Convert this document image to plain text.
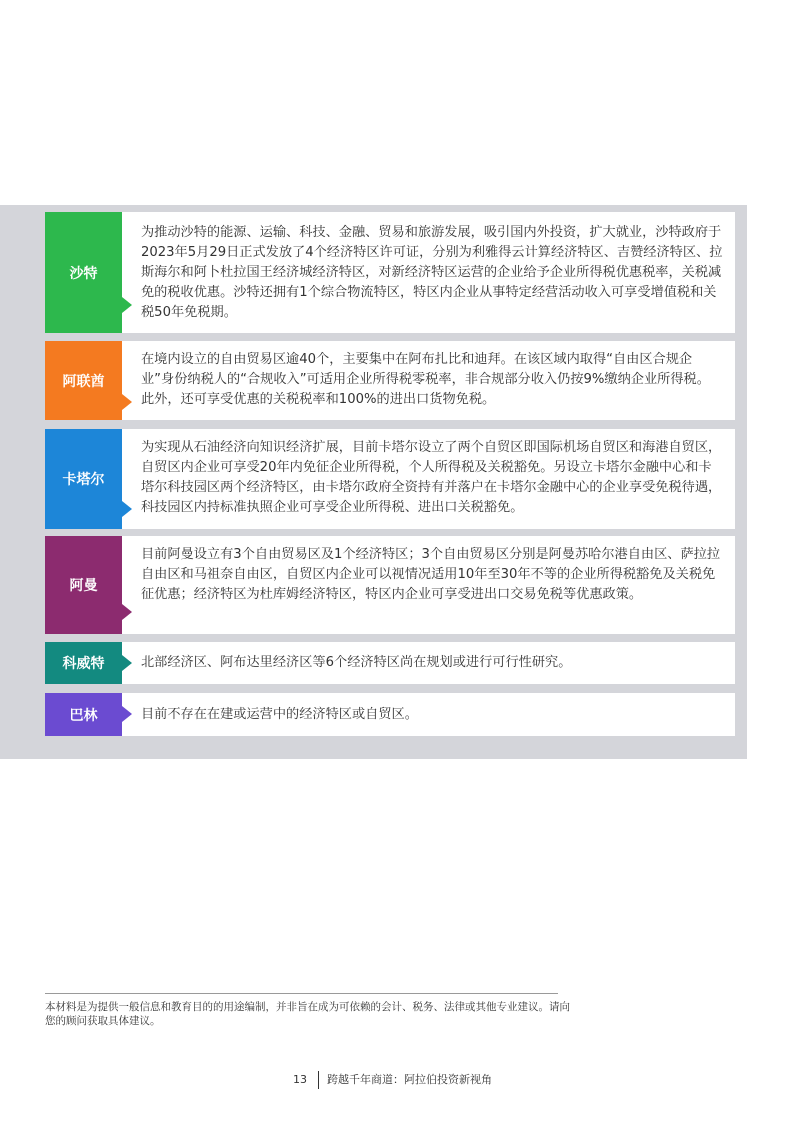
沙特
为推动沙特的能源、运输、科技、金融、贸易和旅游发展，吸引国内外投资，扩大就业，沙特政府于2023年5月29日正式发放了4个经济特区许可证，分别为利雅得云计算经济特区、吉赞经济特区、拉斯海尔和阿卜杜拉国王经济城经济特区，对新经济特区运营的企业给予企业所得税优惠税率，关税减免的税收优惠。沙特还拥有1个综合物流特区，特区内企业从事特定经营活动收入可享受增值税和关税50年免税期。
阿联酋
在境内设立的自由贸易区逾40个，主要集中在阿布扎比和迪拜。在该区域内取得“自由区合规企业”身份纳税人的“合规收入”可适用企业所得税零税率，非合规部分收入仍按9%缴纳企业所得税。此外，还可享受优惠的关税税率和100%的进出口货物免税。
卡塔尔
为实现从石油经济向知识经济扩展，目前卡塔尔设立了两个自贸区即国际机场自贸区和海港自贸区，自贸区内企业可享受20年内免征企业所得税，个人所得税及关税豁免。另设立卡塔尔金融中心和卡塔尔科技园区两个经济特区，由卡塔尔政府全资持有并落户在卡塔尔金融中心的企业享受免税待遇，科技园区内持标准执照企业可享受企业所得税、进出口关税豁免。
阿曼
目前阿曼设立有3个自由贸易区及1个经济特区；3个自由贸易区分别是阿曼苏哈尔港自由区、萨拉拉自由区和马祖奈自由区，自贸区内企业可以视情况适用10年至30年不等的企业所得税豁免及关税免征优惠；经济特区为杜库姆经济特区，特区内企业可享受进出口交易免税等优惠政策。
科威特	北部经济区、阿布达里经济区等6个经济特区尚在规划或进行可行性研究。
巴林	目前不存在在建或运营中的经济特区或自贸区。
本材料是为提供一般信息和教育目的的用途编制，并非旨在成为可依赖的会计、税务、法律或其他专业建议。请向您的顾问获取具体建议。
13 跨越千年商道：阿拉伯投资新视角
